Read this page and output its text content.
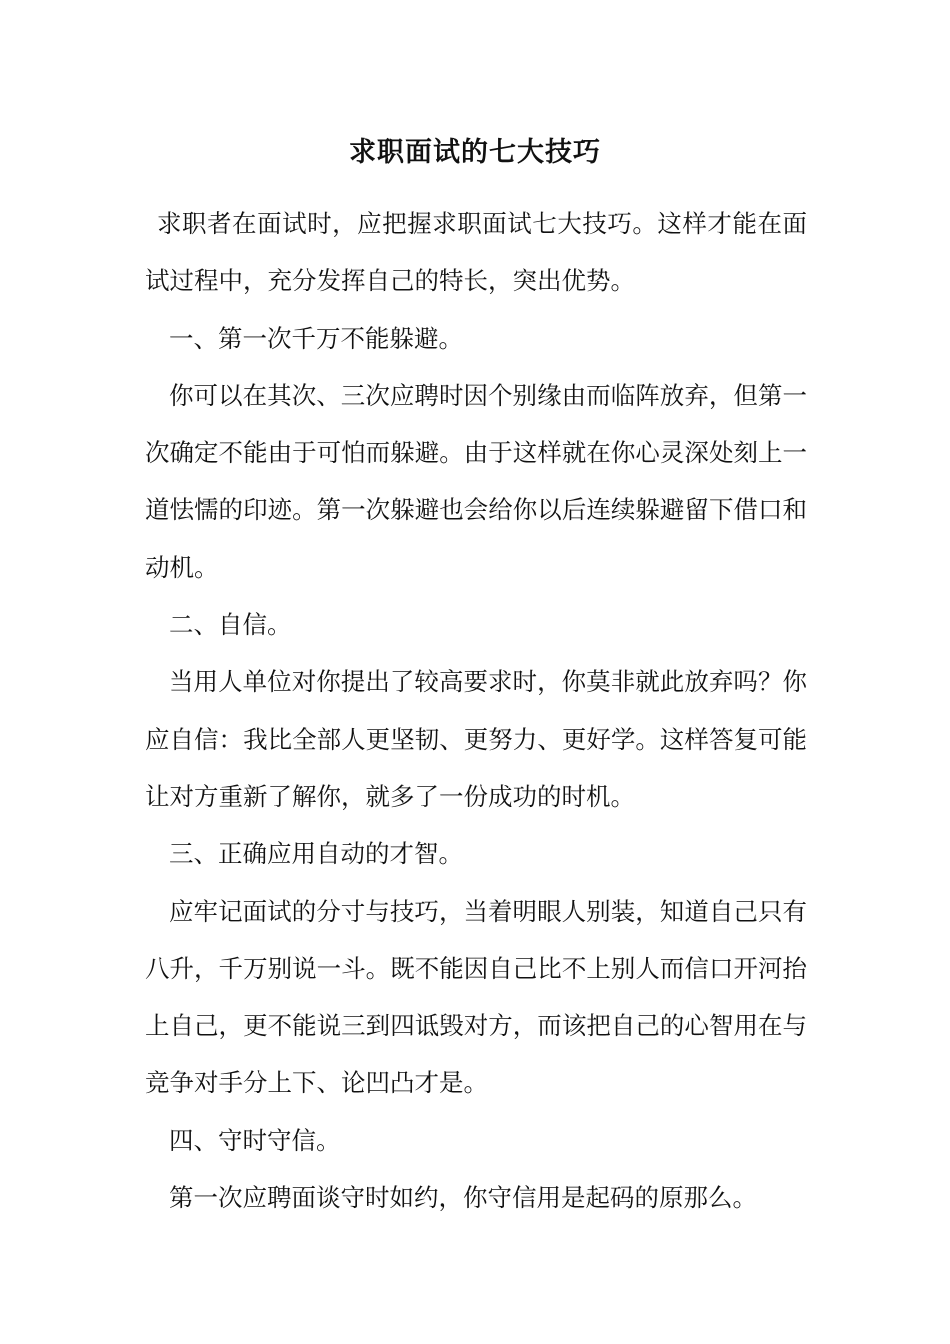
求职面试的七大技巧

求职者在面试时，应把握求职面试七大技巧。这样才能在面试过程中，充分发挥自己的特长，突出优势。

一、第一次千万不能躲避。

你可以在其次、三次应聘时因个别缘由而临阵放弃，但第一次确定不能由于可怕而躲避。由于这样就在你心灵深处刻上一道怯懦的印迹。第一次躲避也会给你以后连续躲避留下借口和动机。

二、自信。

当用人单位对你提出了较高要求时，你莫非就此放弃吗？你应自信：我比全部人更坚韧、更努力、更好学。这样答复可能让对方重新了解你，就多了一份成功的时机。

三、正确应用自动的才智。

应牢记面试的分寸与技巧，当着明眼人别装，知道自己只有八升，千万别说一斗。既不能因自己比不上别人而信口开河抬上自己，更不能说三到四诋毁对方，而该把自己的心智用在与竞争对手分上下、论凹凸才是。

四、守时守信。

第一次应聘面谈守时如约，你守信用是起码的原那么。
